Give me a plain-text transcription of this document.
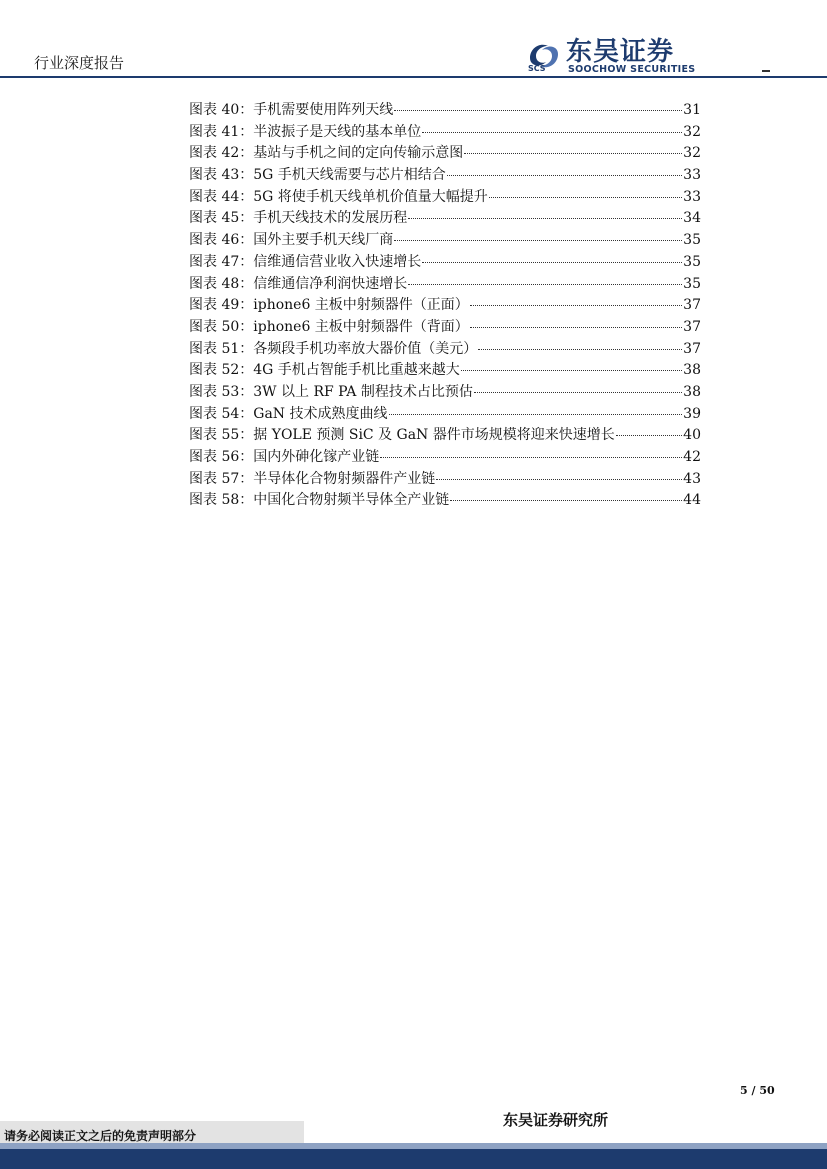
行业深度报告	SCS
东吴证券
SOOCHOW SECURITIES
图表 40：手机需要使用阵列天线	31
图表 41：半波振子是天线的基本单位	32
图表 42：基站与手机之间的定向传输示意图	32
图表 43：5G 手机天线需要与芯片相结合	33
图表 44：5G 将使手机天线单机价值量大幅提升	33
图表 45：手机天线技术的发展历程	34
图表 46：国外主要手机天线厂商	35
图表 47：信维通信营业收入快速增长	35
图表 48：信维通信净利润快速增长	35
图表 49：iphone6 主板中射频器件（正面）	37
图表 50：iphone6 主板中射频器件（背面）	37
图表 51：各频段手机功率放大器价值（美元）	37
图表 52：4G 手机占智能手机比重越来越大	38
图表 53：3W 以上 RF PA 制程技术占比预估	38
图表 54：GaN 技术成熟度曲线	39
图表 55：据 YOLE 预测 SiC 及 GaN 器件市场规模将迎来快速增长	40
图表 56：国内外砷化镓产业链	42
图表 57：半导体化合物射频器件产业链	43
图表 58：中国化合物射频半导体全产业链	44
5 / 50
东吴证券研究所
请务必阅读正文之后的免责声明部分
